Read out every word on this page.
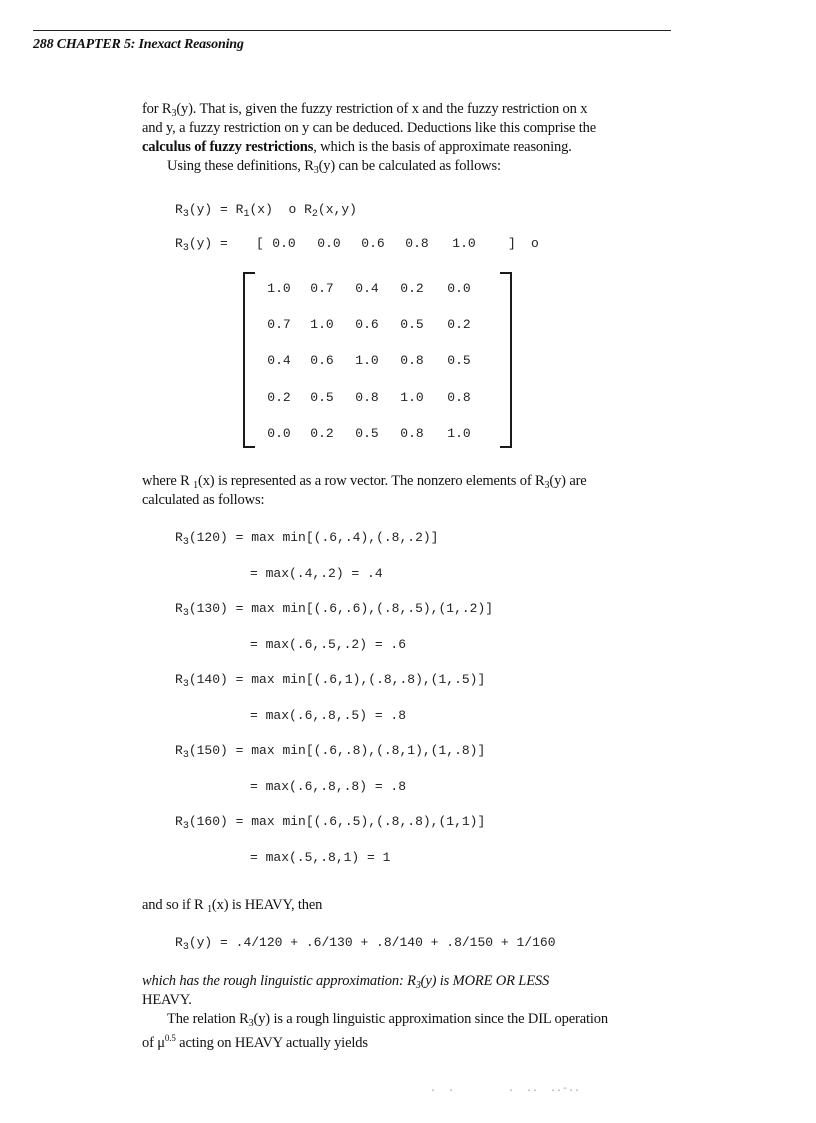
288 CHAPTER 5: Inexact Reasoning

for $R_3(y)$. That is, given the fuzzy restriction of x and the fuzzy restriction on x

and y, a fuzzy restriction on y can be deduced. Deductions like this comprise the

calculus of fuzzy restrictions, which is the basis of approximate reasoning.

Using these definitions, $R_3(y)$ can be calculated as follows:

$R_3(y) = R_1(x)$  o $R_2(x,y)$
$R_3(y)$ = [ 0.0	0.0	0.6	0.8	1.0	] o
1.0	0.7	0.4	0.2	0.0
0.7	1.0	0.6	0.5	0.2
0.4	0.6	1.0	0.8	0.5
0.2	0.5	0.8	1.0	0.8
0.0	0.2	0.5	0.8	1.0

where R $_1$(x) is represented as a row vector. The nonzero elements of $R_3(y)$ are

calculated as follows:

$R_3(120) = \max \min[(.6,.4),(.8,.2)]$
= max(.4,.2) = .4
$R_3(130) = \max \min[(.6,.6),(.8,.5),(1,.2)]$
= max(.6,.5,.2) = .6
$R_3(140) = \max \min[(.6,1),(.8,.8),(1,.5)]$
= max(.6,.8,.5) = .8
$R_3(150) = \max \min[(.6,.8),(.8,1),(1,.8)]$
= max(.6,.8,.8) = .8
$R_3(160) = \max \min[(.6,.5),(.8,.8),(1,1)]$
= max(.5,.8,1) = 1

and so if R $_1$(x) is HEAVY, then

$R_3(y) = .4/120 + .6/130 + .8/140 + .8/150 + 1/160$

which has the rough linguistic approximation: $R_3(y)$ is MORE OR LESS

HEAVY.

The relation $R_3(y)$ is a rough linguistic approximation since the DIL operation

of $\mu^{0.5}$ acting on HEAVY actually yields

.  .         .  ..  ..-..
